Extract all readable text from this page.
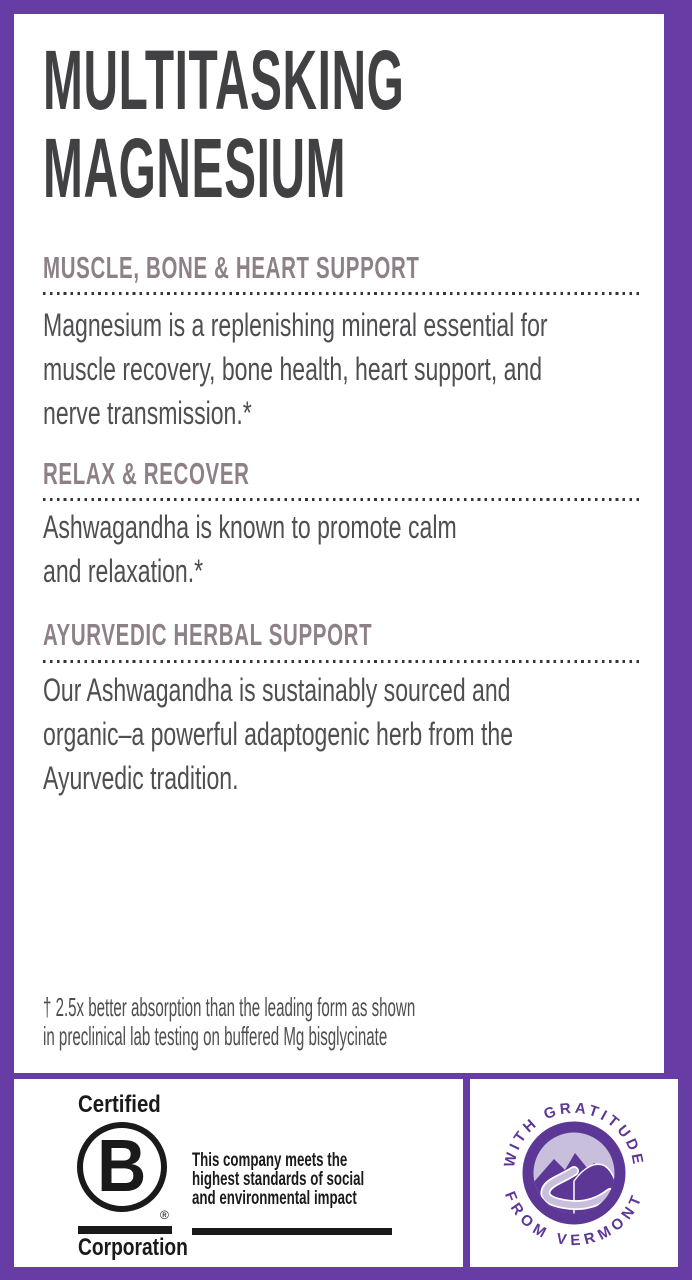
MULTITASKING
MAGNESIUM
MUSCLE, BONE & HEART SUPPORT
Magnesium is a replenishing mineral essential for
muscle recovery, bone health, heart support, and
nerve transmission.*
RELAX & RECOVER
Ashwagandha is known to promote calm
and relaxation.*
AYURVEDIC HERBAL SUPPORT
Our Ashwagandha is sustainably sourced and
organic–a powerful adaptogenic herb from the
Ayurvedic tradition.
† 2.5x better absorption than the leading form as shown
in preclinical lab testing on buffered Mg bisglycinate
Certified
B
®
Corporation
This company meets the
highest standards of social
and environmental impact
WITH GRATITUDE
FROM VERMONT
